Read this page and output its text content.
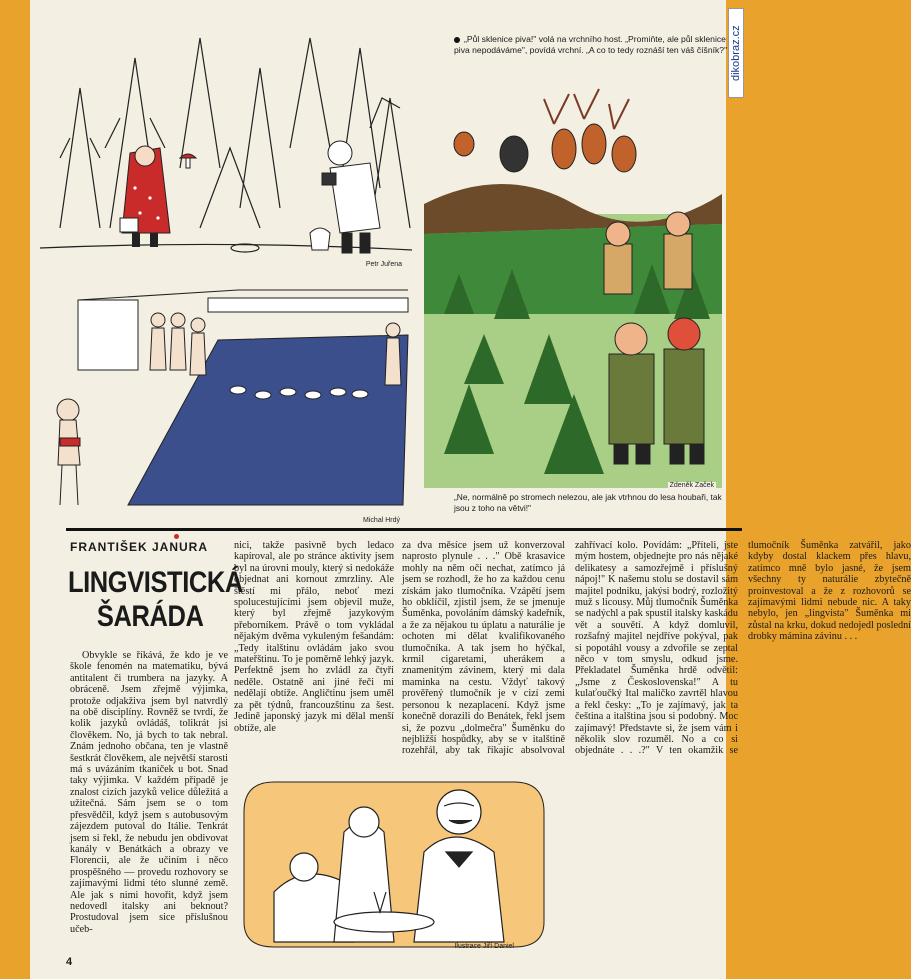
Petr Juřena
Michal Hrdý
„Půl sklenice piva!" volá na vrchního host. „Promiňte, ale půl sklenice piva nepodáváme", povídá vrchní. „A co to tedy roznáší ten váš číšník?"
Zdeněk Začek
„Ne, normálně po stromech nelezou, ale jak vtrhnou do lesa houbaři, tak jsou z toho na větvi!"
FRANTIŠEK JANURA
LINGVISTICKÁ
ŠARÁDA
Obvykle se říkává, že kdo je ve škole fenomén na matematiku, bývá antitalent či trumbera na jazyky. A obráceně. Jsem zřejmě výjimka, protože odjakživa jsem byl natvrdlý na obě disciplíny. Rovněž se tvrdí, že kolik jazyků ovládáš, tolikrát jsi člověkem. No, já bych to tak nebral. Znám jednoho občana, ten je vlastně šestkrát člověkem, ale největší starosti má s uvázáním tkaniček u bot. Snad taky výjimka. V každém případě je znalost cizích jazyků velice důležitá a užitečná. Sám jsem se o tom přesvědčil, když jsem s autobusovým zájezdem putoval do Itálie. Tenkrát jsem si řekl, že nebudu jen obdivovat kanály v Benátkách a obrazy ve Florencii, ale že učiním i něco prospěšného — provedu rozhovory se zajímavými lidmi této slunné země. Ale jak s nimi hovořit, když jsem nedovedl italsky ani beknout? Prostudoval jsem sice příslušnou učeb-
nici, takže pasivně bych ledaco kapíroval, ale po stránce aktivity jsem byl na úrovni mouly, který si nedokáže objednat ani kornout zmrzliny. Ale štěstí mi přálo, neboť mezi spolucestujícími jsem objevil muže, který byl zřejmě jazykovým přeborníkem. Právě o tom vykládal nějakým dvěma vykuleným fešandám: „Tedy italštinu ovládám jako svou mateřštinu. To je poměrně lehký jazyk. Perfektně jsem ho zvládl za čtyři neděle. Ostatně ani jiné řeči mi nedělají obtíže. Angličtinu jsem uměl za pět týdnů, francouzštinu za šest. Jedině japonský jazyk mi dělal menší obtíže, ale
za dva měsíce jsem už konverzoval naprosto plynule . . ." Obě krasavice mohly na něm oči nechat, zatímco já jsem se rozhodl, že ho za každou cenu získám jako tlumočníka. Vzápětí jsem ho obklíčil, zjistil jsem, že se jmenuje Šuměnka, povoláním dámský kadeřník, a že za nějakou tu úplatu a naturálie je ochoten mi dělat kvalifikovaného tlumočníka. A tak jsem ho hýčkal, krmil cigaretami, uherákem a znamenitým závinem, který mi dala maminka na cestu. Vždyť takový prověřený tlumočník je v cizí zemi personou k nezaplacení. Když jsme konečně dorazili do Benátek, řekl jsem si, že pozvu „dolmečra" Šuměnku do nejbližší hospůdky, aby se v italštině rozehřál, aby tak říkajíc absolvoval zahřívací kolo. Povídám: „Příteli, jste mým hostem, objednejte pro nás nějaké delikatesy a samozřejmě i příslušný nápoj!" K našemu stolu se dostavil sám majitel podniku, jakýsi bodrý, rozložitý muž s licousy. Můj tlumočník Šuměnka se nadýchl a pak spustil italsky kaskádu vět a souvětí. A když domluvil, rozšafný majitel nejdříve pokýval, pak si popotáhl vousy a zdvořile se zeptal něco v tom smyslu, odkud jsme. Překladatel Šuměnka hrdě odvětil: „Jsme z Československa!" A tu kulaťoučký Ital maličko zavrtěl hlavou a řekl česky: „To je zajímavý, jak ta čeština a italština jsou si podobný. Moc zajímavý! Představte si, že jsem vám i několik slov rozuměl. No a co si objednáte . . .?" V ten okamžik se tlumočník Šuměnka zatvářil, jako kdyby dostal klackem přes hlavu, zatímco mně bylo jasné, že jsem všechny ty naturálie zbytečně proinvestoval a že z rozhovorů se zajímavými lidmi nebude nic. A taky nebylo, jen „lingvista" Šuměnka mi zůstal na krku, dokud nedojedl poslední drobky mámina závinu . . .
Ilustrace Jiří Daniel
4
dikobraz.cz
